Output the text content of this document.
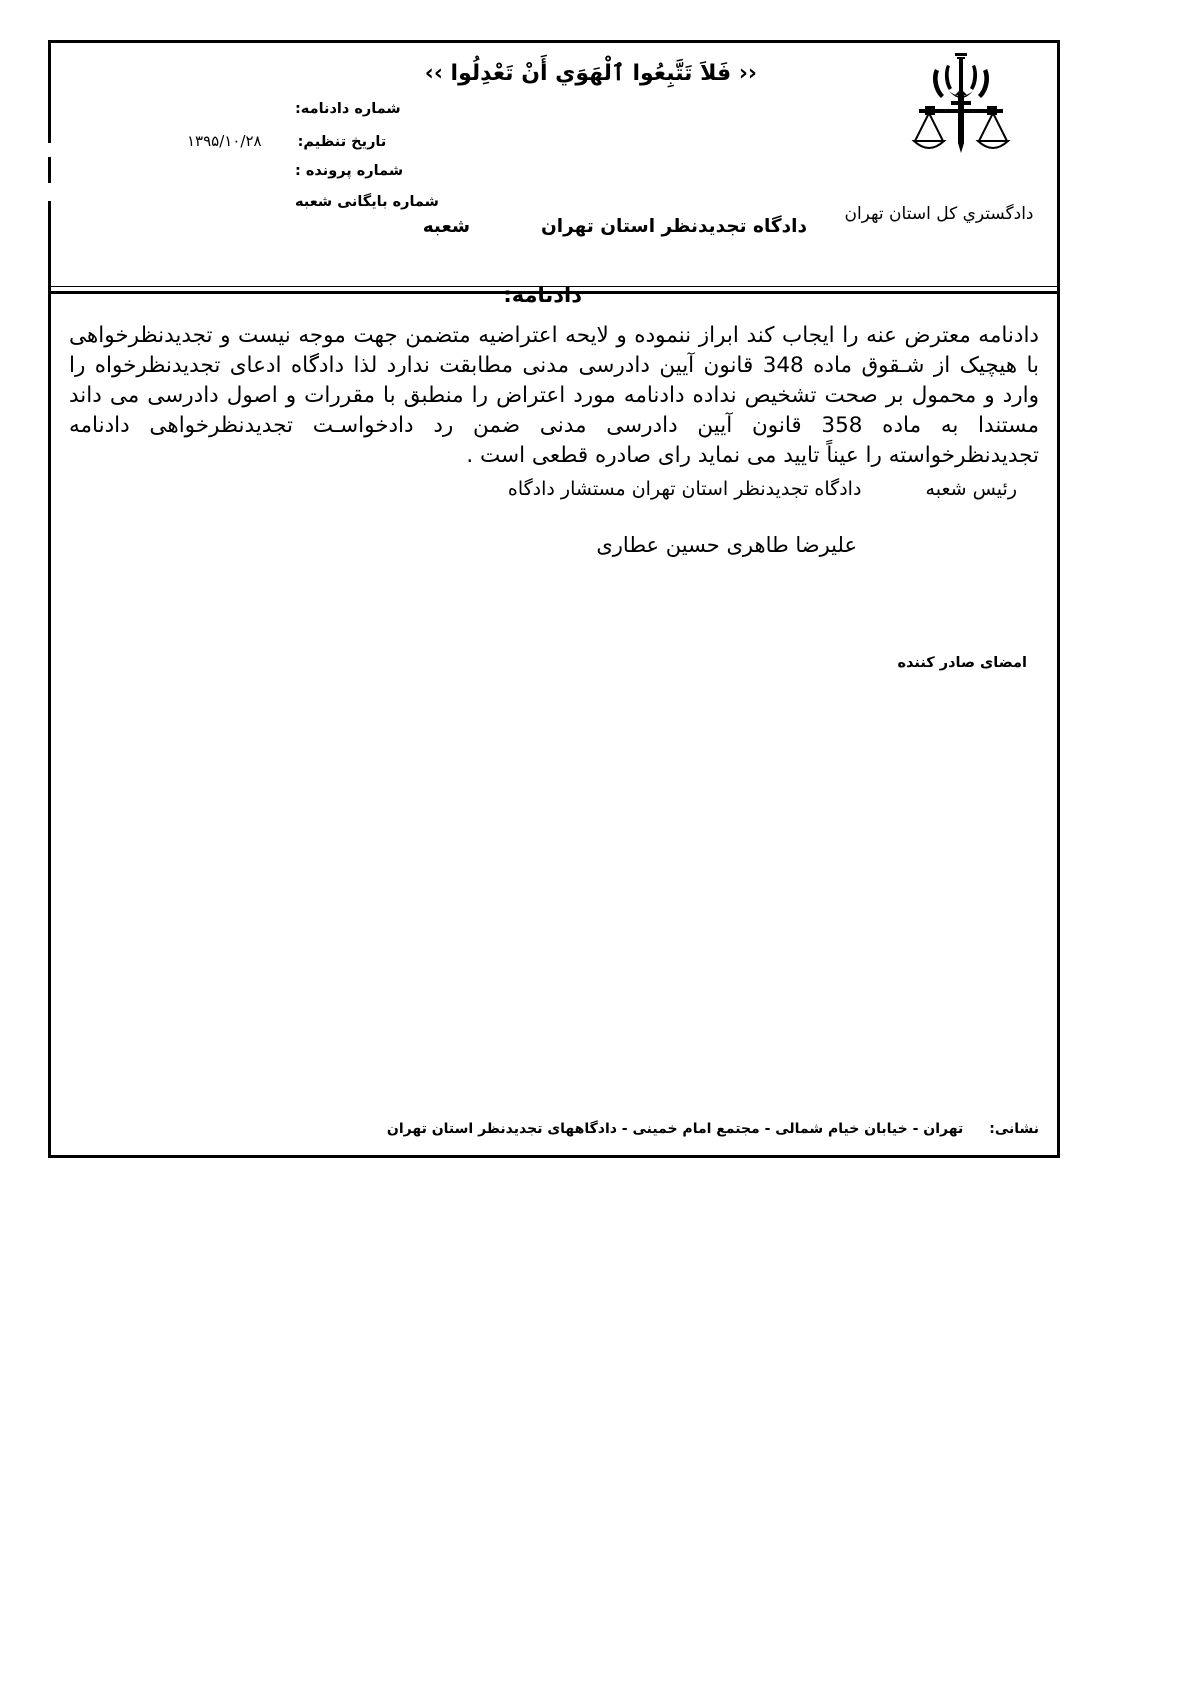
‹‹ فَلاَ تَتَّبِعُوا ٱلْهَوَي أَنْ تَعْدِلُوا ››
دادگستري كل استان تهران
شماره دادنامه:
تاریخ تنظیم:
۱۳۹۵/۱۰/۲۸
شماره پرونده :
شماره بایگانی شعبه
دادگاه تجدیدنظر استان تهران  شعبه
دادنامه:

دادنامه معترض عنه را ایجاب كند ابراز ننموده و لایحه اعتراضیه متضمن جهت موجه نیست و تجدیدنظرخواهی با هیچیک از شـقوق ماده 348 قانون آیین دادرسی مدنی مطابقت ندارد لذا دادگاه ادعای تجدیدنظرخواه را وارد و محمول بر صحت تشخیص نداده دادنامه مورد اعتراض را منطبق با مقررات و اصول دادرسی می داند مستندا به ماده 358 قانون آیین دادرسی مدنی ضمن رد دادخواسـت تجدیدنظرخواهی دادنامه تجدیدنظرخواسته را عیناً تایید می نماید رای صادره قطعی است .

رئیس شعبه  دادگاه تجدیدنظر استان تهران مستشار دادگاه
علیرضا طاهری حسین عطاری
امضای صادر کننده
نشانی:
تهران - خیابان خیام شمالی - مجتمع امام خمینی - دادگاههای تجدیدنظر استان تهران
